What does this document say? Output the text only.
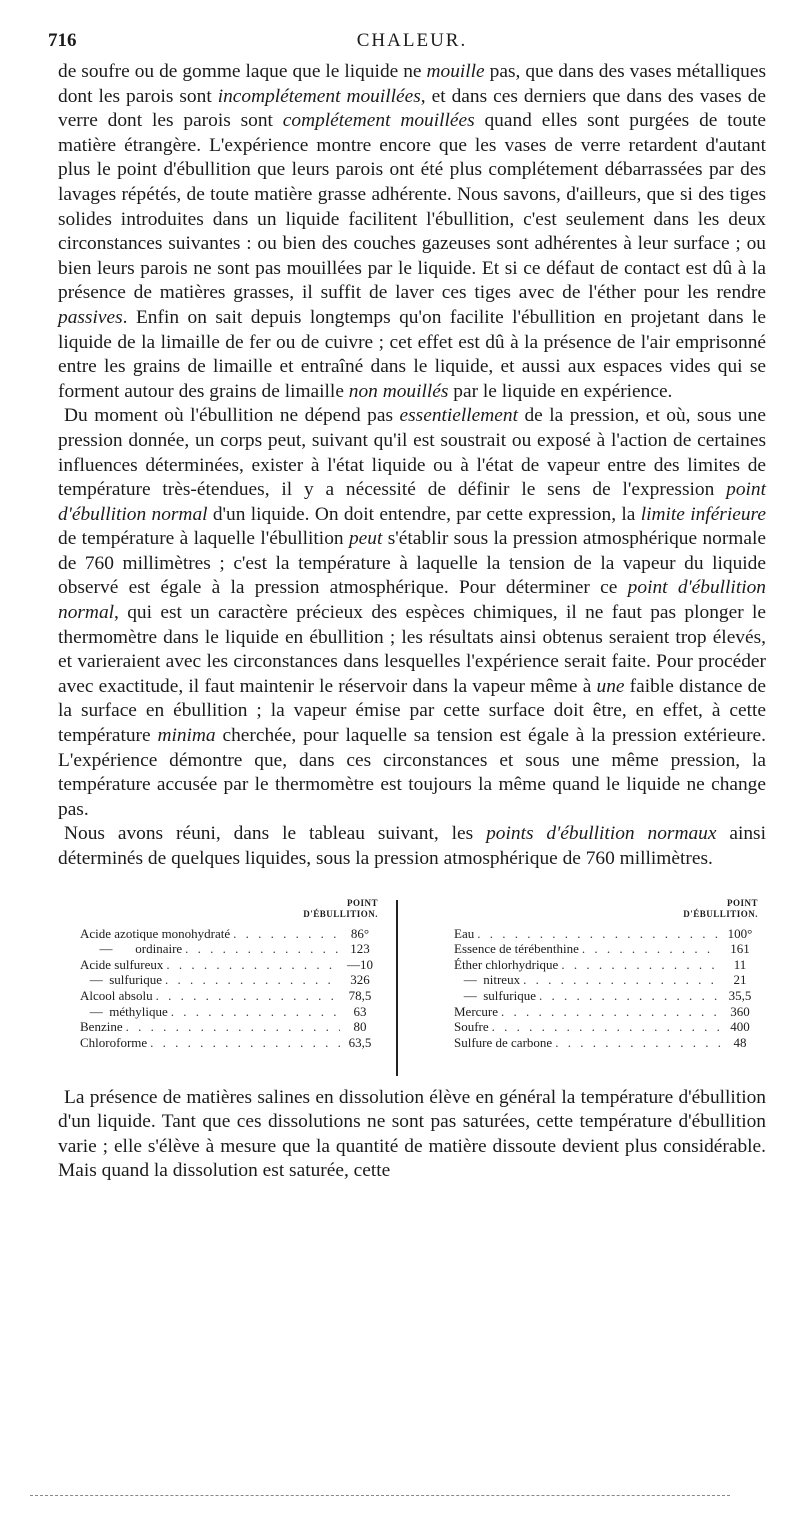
716	CHALEUR.

de soufre ou de gomme laque que le liquide ne mouille pas, que dans des vases métalliques dont les parois sont incomplétement mouillées, et dans ces derniers que dans des vases de verre dont les parois sont complétement mouillées quand elles sont purgées de toute matière étrangère. L'expérience montre encore que les vases de verre retardent d'autant plus le point d'ébullition que leurs parois ont été plus complétement débarrassées par des lavages répétés, de toute matière grasse adhérente. Nous savons, d'ailleurs, que si des tiges solides introduites dans un liquide facilitent l'ébullition, c'est seulement dans les deux circonstances suivantes : ou bien des couches gazeuses sont adhérentes à leur surface ; ou bien leurs parois ne sont pas mouillées par le liquide. Et si ce défaut de contact est dû à la présence de matières grasses, il suffit de laver ces tiges avec de l'éther pour les rendre passives. Enfin on sait depuis longtemps qu'on facilite l'ébullition en projetant dans le liquide de la limaille de fer ou de cuivre ; cet effet est dû à la présence de l'air emprisonné entre les grains de limaille et entraîné dans le liquide, et aussi aux espaces vides qui se forment autour des grains de limaille non mouillés par le liquide en expérience.

Du moment où l'ébullition ne dépend pas essentiellement de la pression, et où, sous une pression donnée, un corps peut, suivant qu'il est soustrait ou exposé à l'action de certaines influences déterminées, exister à l'état liquide ou à l'état de vapeur entre des limites de température très-étendues, il y a nécessité de définir le sens de l'expression point d'ébullition normal d'un liquide. On doit entendre, par cette expression, la limite inférieure de température à laquelle l'ébullition peut s'établir sous la pression atmosphérique normale de 760 millimètres ; c'est la température à laquelle la tension de la vapeur du liquide observé est égale à la pression atmosphérique. Pour déterminer ce point d'ébullition normal, qui est un caractère précieux des espèces chimiques, il ne faut pas plonger le thermomètre dans le liquide en ébullition ; les résultats ainsi obtenus seraient trop élevés, et varieraient avec les circonstances dans lesquelles l'expérience serait faite. Pour procéder avec exactitude, il faut maintenir le réservoir dans la vapeur même à une faible distance de la surface en ébullition ; la vapeur émise par cette surface doit être, en effet, à cette température minima cherchée, pour laquelle sa tension est égale à la pression extérieure. L'expérience démontre que, dans ces circonstances et sous une même pression, la température accusée par le thermomètre est toujours la même quand le liquide ne change pas.

Nous avons réuni, dans le tableau suivant, les points d'ébullition normaux ainsi déterminés de quelques liquides, sous la pression atmosphérique de 760 millimètres.

POINT
D'ÉBULLITION.
Acide azotique monohydraté . . .	86°
—       ordinaire . . .	123
Acide sulfureux . . .	—10
—  sulfurique . . .	326
Alcool absolu . . .	78,5
—  méthylique . . .	63
Benzine . . .	80
Chloroforme . . .	63,5
POINT
D'ÉBULLITION.
Eau . . .	100°
Essence de térébenthine . . .	161
Éther chlorhydrique . . .	11
—  nitreux . . .	21
—  sulfurique . . .	35,5
Mercure . . .	360
Soufre . . .	400
Sulfure de carbone . . .	48

La présence de matières salines en dissolution élève en général la température d'ébullition d'un liquide. Tant que ces dissolutions ne sont pas saturées, cette température d'ébullition varie ; elle s'élève à mesure que la quantité de matière dissoute devient plus considérable. Mais quand la dissolution est saturée, cette
